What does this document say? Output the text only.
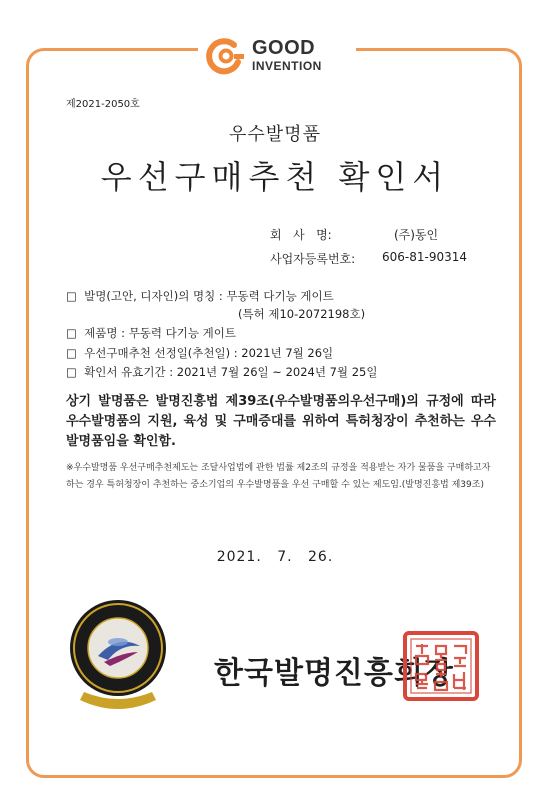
GOOD
INVENTION
제2021-2050호
우수발명품
우선구매추천 확인서
회   사   명:	(주)동인
사업자등록번호: 606-81-90314
□  발명(고안, 디자인)의 명칭 : 무동력 다기능 게이트
(특허 제10-2072198호)
□  제품명 : 무동력 다기능 게이트
□  우선구매추천 선정일(추천일) : 2021년 7월 26일
□  확인서 유효기간 : 2021년 7월 26일 ~ 2024년 7월 25일
상기 발명품은 발명진흥법 제39조(우수발명품의우선구매)의 규정에 따라 우수발명품의 지원, 육성 및 구매증대를 위하여 특허청장이 추천하는 우수발명품임을 확인함.
※우수발명품 우선구매추천제도는 조달사업법에 관한 법률 제2조의 규정을 적용받는 자가 물품을 구매하고자 하는 경우 특허청장이 추천하는 중소기업의 우수발명품을 우선 구매할 수 있는 제도임.(발명진흥법 제39조)
2021. 7. 26.
한국발명진흥회장
